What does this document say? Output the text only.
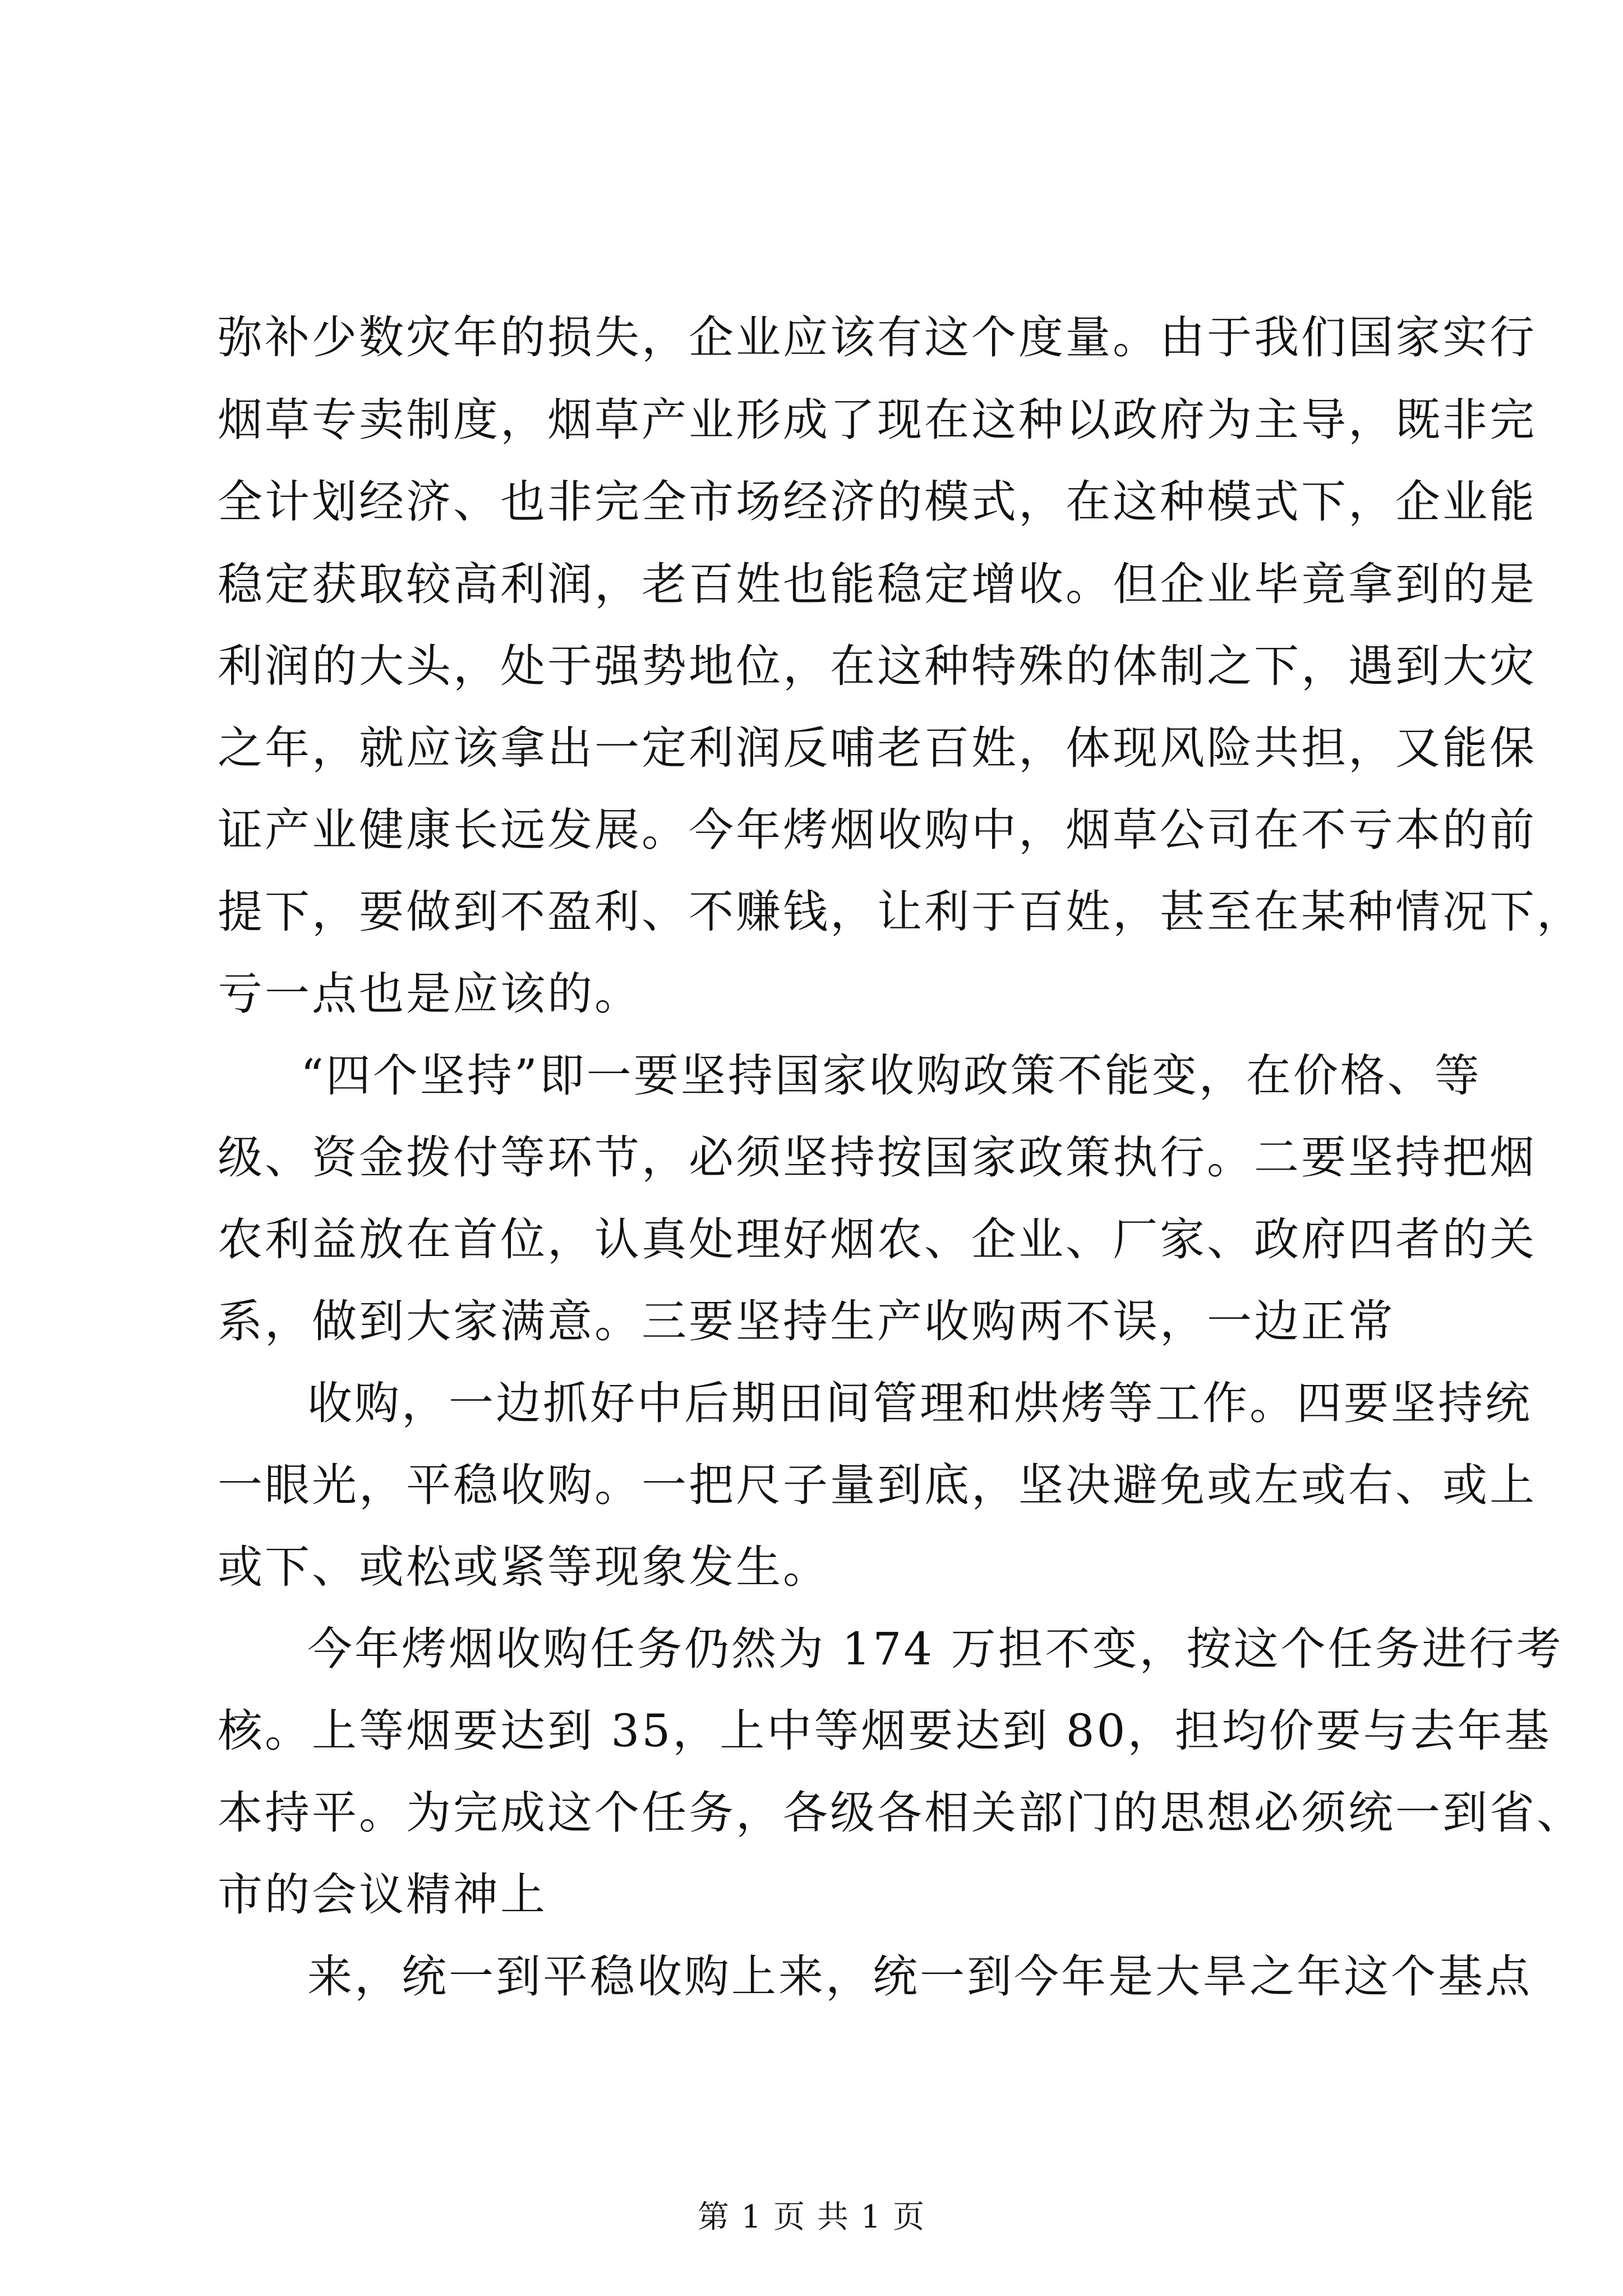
弥补少数灾年的损失，企业应该有这个度量。由于我们国家实行
烟草专卖制度，烟草产业形成了现在这种以政府为主导，既非完
全计划经济、也非完全市场经济的模式，在这种模式下，企业能
稳定获取较高利润，老百姓也能稳定增收。但企业毕竟拿到的是
利润的大头，处于强势地位，在这种特殊的体制之下，遇到大灾
之年，就应该拿出一定利润反哺老百姓，体现风险共担，又能保
证产业健康长远发展。今年烤烟收购中，烟草公司在不亏本的前
提下，要做到不盈利、不赚钱，让利于百姓，甚至在某种情况下，
亏一点也是应该的。
“四个坚持”即一要坚持国家收购政策不能变，在价格、等
级、资金拨付等环节，必须坚持按国家政策执行。二要坚持把烟
农利益放在首位，认真处理好烟农、企业、厂家、政府四者的关
系，做到大家满意。三要坚持生产收购两不误，一边正常
收购，一边抓好中后期田间管理和烘烤等工作。四要坚持统
一眼光，平稳收购。一把尺子量到底，坚决避免或左或右、或上
或下、或松或紧等现象发生。
今年烤烟收购任务仍然为 174 万担不变，按这个任务进行考
核。上等烟要达到 35，上中等烟要达到 80，担均价要与去年基
本持平。为完成这个任务，各级各相关部门的思想必须统一到省、
市的会议精神上
来，统一到平稳收购上来，统一到今年是大旱之年这个基点
第 1 页 共 1 页
